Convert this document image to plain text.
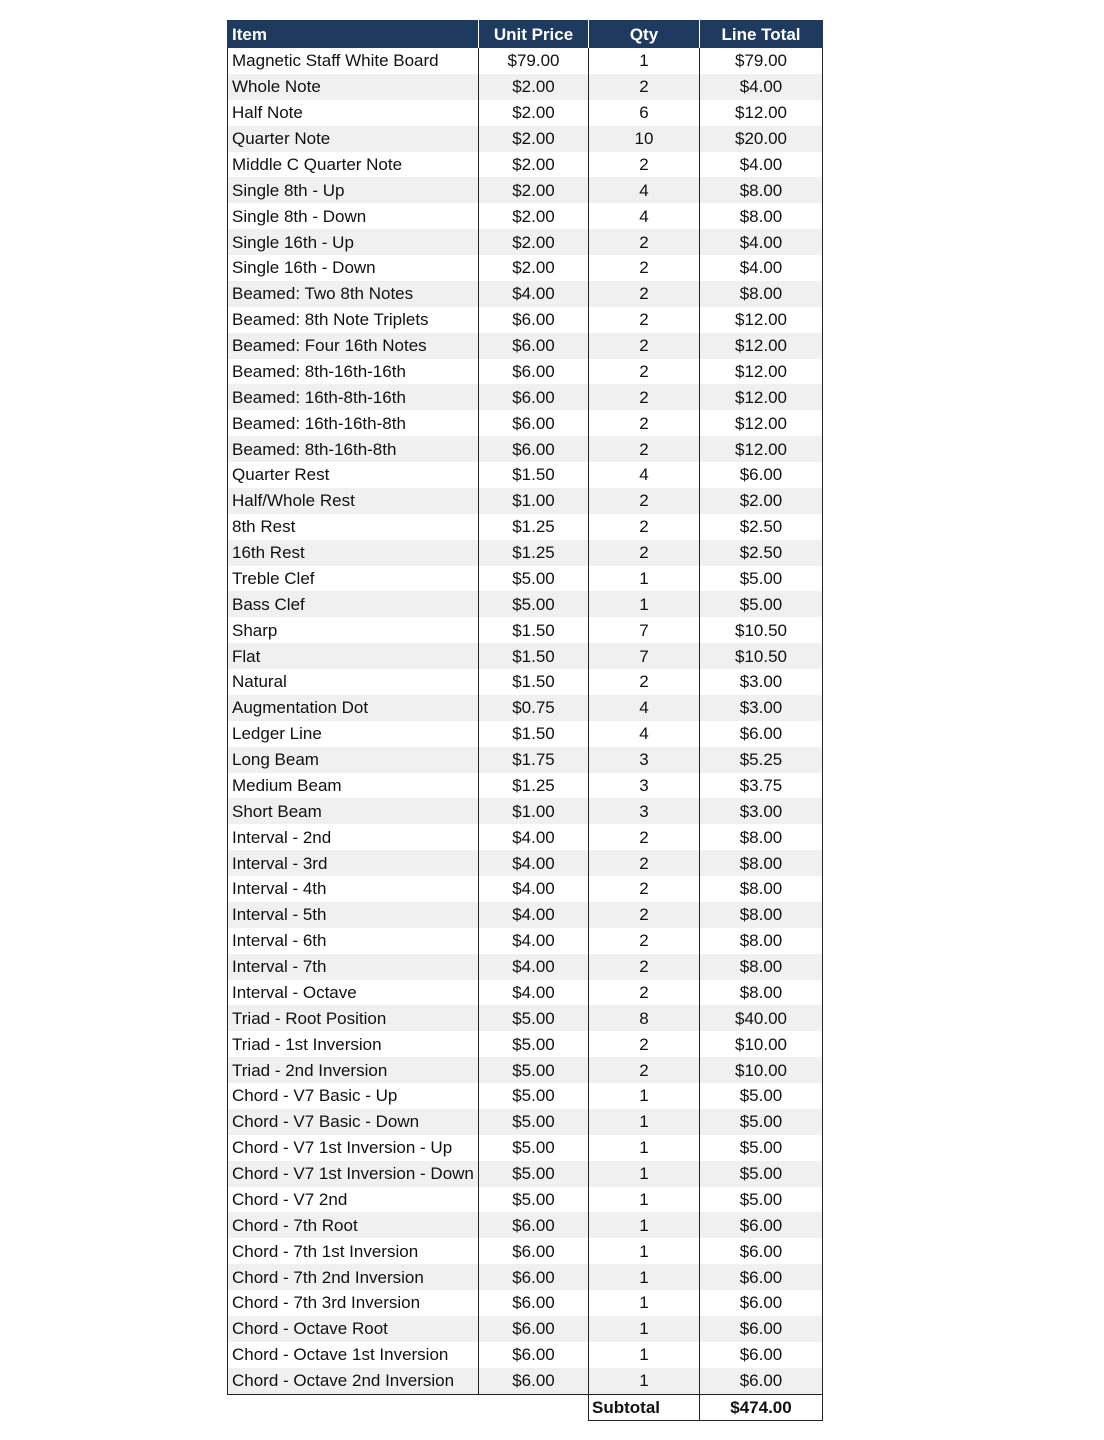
Item	Unit Price	Qty	Line Total
Magnetic Staff White Board	$79.00	1	$79.00
Whole Note	$2.00	2	$4.00
Half Note	$2.00	6	$12.00
Quarter Note	$2.00	10	$20.00
Middle C Quarter Note	$2.00	2	$4.00
Single 8th - Up	$2.00	4	$8.00
Single 8th - Down	$2.00	4	$8.00
Single 16th - Up	$2.00	2	$4.00
Single 16th - Down	$2.00	2	$4.00
Beamed: Two 8th Notes	$4.00	2	$8.00
Beamed: 8th Note Triplets	$6.00	2	$12.00
Beamed: Four 16th Notes	$6.00	2	$12.00
Beamed: 8th-16th-16th	$6.00	2	$12.00
Beamed: 16th-8th-16th	$6.00	2	$12.00
Beamed: 16th-16th-8th	$6.00	2	$12.00
Beamed: 8th-16th-8th	$6.00	2	$12.00
Quarter Rest	$1.50	4	$6.00
Half/Whole Rest	$1.00	2	$2.00
8th Rest	$1.25	2	$2.50
16th Rest	$1.25	2	$2.50
Treble Clef	$5.00	1	$5.00
Bass Clef	$5.00	1	$5.00
Sharp	$1.50	7	$10.50
Flat	$1.50	7	$10.50
Natural	$1.50	2	$3.00
Augmentation Dot	$0.75	4	$3.00
Ledger Line	$1.50	4	$6.00
Long Beam	$1.75	3	$5.25
Medium Beam	$1.25	3	$3.75
Short Beam	$1.00	3	$3.00
Interval - 2nd	$4.00	2	$8.00
Interval - 3rd	$4.00	2	$8.00
Interval - 4th	$4.00	2	$8.00
Interval - 5th	$4.00	2	$8.00
Interval - 6th	$4.00	2	$8.00
Interval - 7th	$4.00	2	$8.00
Interval - Octave	$4.00	2	$8.00
Triad - Root Position	$5.00	8	$40.00
Triad - 1st Inversion	$5.00	2	$10.00
Triad - 2nd Inversion	$5.00	2	$10.00
Chord - V7 Basic - Up	$5.00	1	$5.00
Chord - V7 Basic - Down	$5.00	1	$5.00
Chord - V7 1st Inversion - Up	$5.00	1	$5.00
Chord - V7 1st Inversion - Down	$5.00	1	$5.00
Chord - V7 2nd	$5.00	1	$5.00
Chord - 7th Root	$6.00	1	$6.00
Chord - 7th 1st Inversion	$6.00	1	$6.00
Chord - 7th 2nd Inversion	$6.00	1	$6.00
Chord - 7th 3rd Inversion	$6.00	1	$6.00
Chord - Octave Root	$6.00	1	$6.00
Chord - Octave 1st Inversion	$6.00	1	$6.00
Chord - Octave 2nd Inversion	$6.00	1	$6.00
		Subtotal	$474.00
